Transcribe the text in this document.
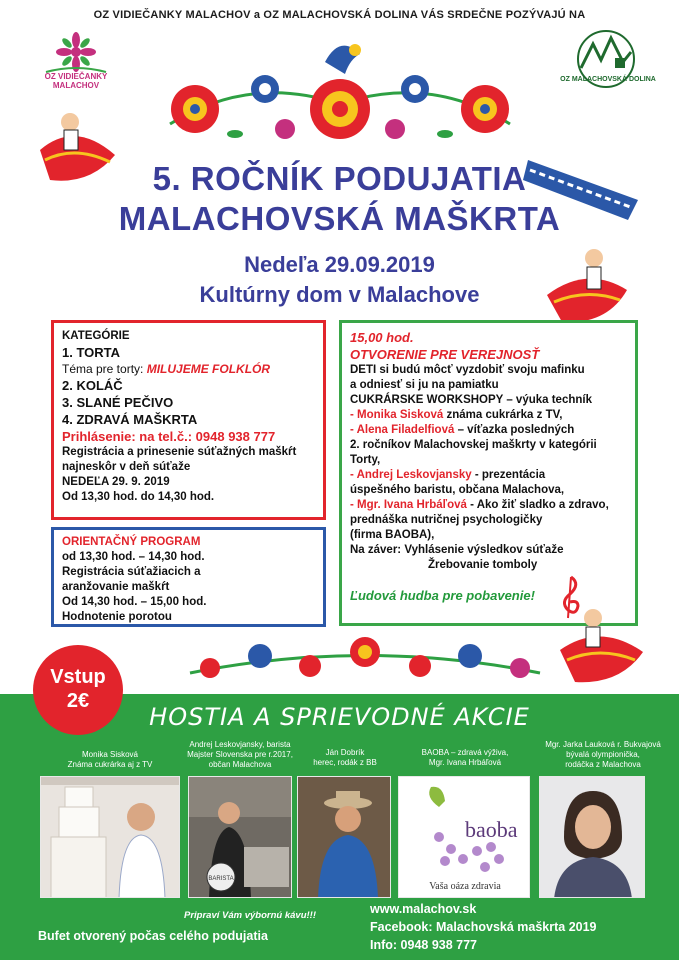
OZ VIDIEČANKY MALACHOV a OZ MALACHOVSKÁ DOLINA VÁS SRDEČNE POZÝVAJÚ NA
OZ VIDIEČANKY MALACHOV
OZ MALACHOVSKÁ DOLINA
5. ROČNÍK PODUJATIA
MALACHOVSKÁ MAŠKRTA
Nedeľa 29.09.2019
Kultúrny dom v Malachove
KATEGÓRIE
1. TORTA
Téma pre torty: MILUJEME FOLKLÓR
2. KOLÁČ
3. SLANÉ PEČIVO
4. ZDRAVÁ MAŠKRTA
Prihlásenie: na tel.č.: 0948 938 777
Registrácia a prinesenie súťažných maškŕt
najneskôr v deň súťaže
NEDEĽA 29. 9. 2019
Od 13,30 hod. do 14,30 hod.
ORIENTAČNÝ PROGRAM
od 13,30 hod. – 14,30 hod.
Registrácia súťažiacich a
aranžovanie maškŕt
Od 14,30 hod. – 15,00 hod.
Hodnotenie porotou
15,00 hod.
OTVORENIE PRE VEREJNOSŤ
DETI si budú môcť vyzdobiť svoju mafinku
a odniesť si ju na pamiatku
CUKRÁRSKE WORKSHOPY – výuka techník
- Monika Sisková známa cukrárka z TV,
- Alena Filadelfiová – víťazka posledných
2. ročníkov Malachovskej maškrty v kategórii
Torty,
- Andrej Leskovjansky - prezentácia
úspešného baristu, občana Malachova,
- Mgr. Ivana Hrbáľová - Ako žiť sladko a zdravo,
prednáška nutričnej psychologičky
(firma BAOBA),
Na záver: Vyhlásenie výsledkov súťaže
Žrebovanie tomboly
Ľudová hudba pre pobavenie!
Vstup
2€
HOSTIA A SPRIEVODNÉ AKCIE
Monika Sisková
Známa cukrárka aj z TV
Andrej Leskovjansky, barista
Majster Slovenska pre r.2017,
občan Malachova
Ján Dobrík
herec, rodák z BB
BAOBA – zdravá výživa,
Mgr. Ivana Hrbáľová
Mgr. Jarka Lauková r. Bukvajová
bývalá olympionička,
rodáčka z Malachova
BARISTA
baoba
Vaša oáza zdravia
Pripraví Vám výbornú kávu!!!
Bufet otvorený počas celého podujatia
www.malachov.sk
Facebook: Malachovská maškrta 2019
Info: 0948 938 777
